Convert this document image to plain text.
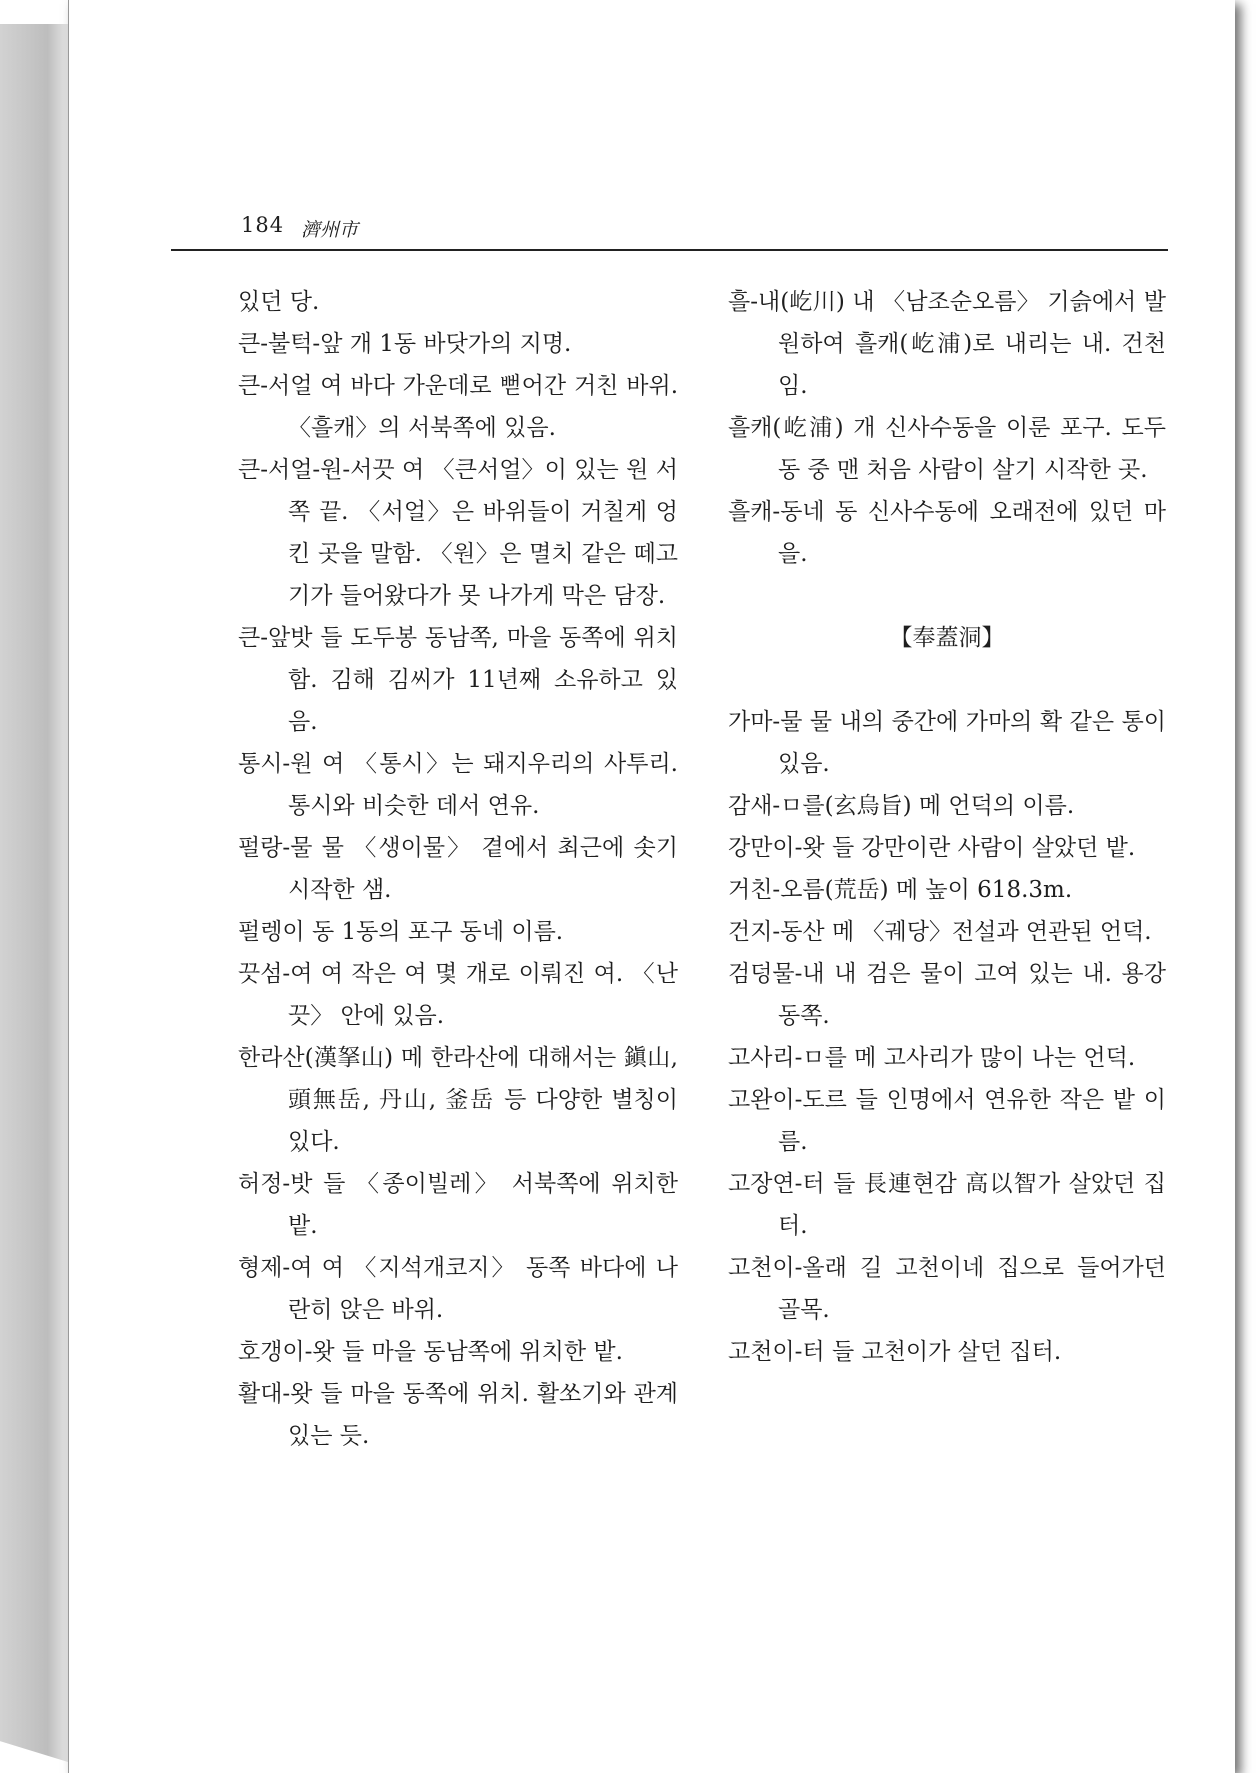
184 濟州市
있던 당.
큰-불턱-앞 개 1동 바닷가의 지명.
큰-서얼 여 바다 가운데로 뻗어간 거친 바위. 〈흘캐〉의 서북쪽에 있음.
큰-서얼-원-서끗 여 〈큰서얼〉이 있는 원 서쪽 끝. 〈서얼〉은 바위들이 거칠게 엉킨 곳을 말함. 〈원〉은 멸치 같은 떼고기가 들어왔다가 못 나가게 막은 담장.
큰-앞밧 들 도두봉 동남쪽, 마을 동쪽에 위치함. 김해 김씨가 11년째 소유하고 있음.
통시-원 여 〈통시〉는 돼지우리의 사투리. 통시와 비슷한 데서 연유.
펄랑-물 물 〈생이물〉 곁에서 최근에 솟기 시작한 샘.
펄렝이 동 1동의 포구 동네 이름.
끗섬-여 여 작은 여 몇 개로 이뤄진 여. 〈난끗〉 안에 있음.
한라산(漢拏山) 메 한라산에 대해서는 鎭山, 頭無岳, 丹山, 釜岳 등 다양한 별칭이 있다.
허정-밧 들 〈종이빌레〉 서북쪽에 위치한 밭.
형제-여 여 〈지석개코지〉 동쪽 바다에 나란히 앉은 바위.
호갱이-왓 들 마을 동남쪽에 위치한 밭.
활대-왓 들 마을 동쪽에 위치. 활쏘기와 관계있는 듯.
흘-내(屹川) 내 〈남조순오름〉 기슭에서 발원하여 흘캐(屹浦)로 내리는 내. 건천임.
흘캐(屹浦) 개 신사수동을 이룬 포구. 도두동 중 맨 처음 사람이 살기 시작한 곳.
흘캐-동네 동 신사수동에 오래전에 있던 마을.
【奉蓋洞】
가마-물 물 내의 중간에 가마의 확 같은 통이 있음.
감새-ㅁ를(玄烏旨) 메 언덕의 이름.
강만이-왓 들 강만이란 사람이 살았던 밭.
거친-오름(荒岳) 메 높이 618.3m.
건지-동산 메 〈궤당〉전설과 연관된 언덕.
검덩물-내 내 검은 물이 고여 있는 내. 용강 동쪽.
고사리-ㅁ를 메 고사리가 많이 나는 언덕.
고완이-도르 들 인명에서 연유한 작은 밭 이름.
고장연-터 들 長連현감 高以智가 살았던 집터.
고천이-올래 길 고천이네 집으로 들어가던 골목.
고천이-터 들 고천이가 살던 집터.
